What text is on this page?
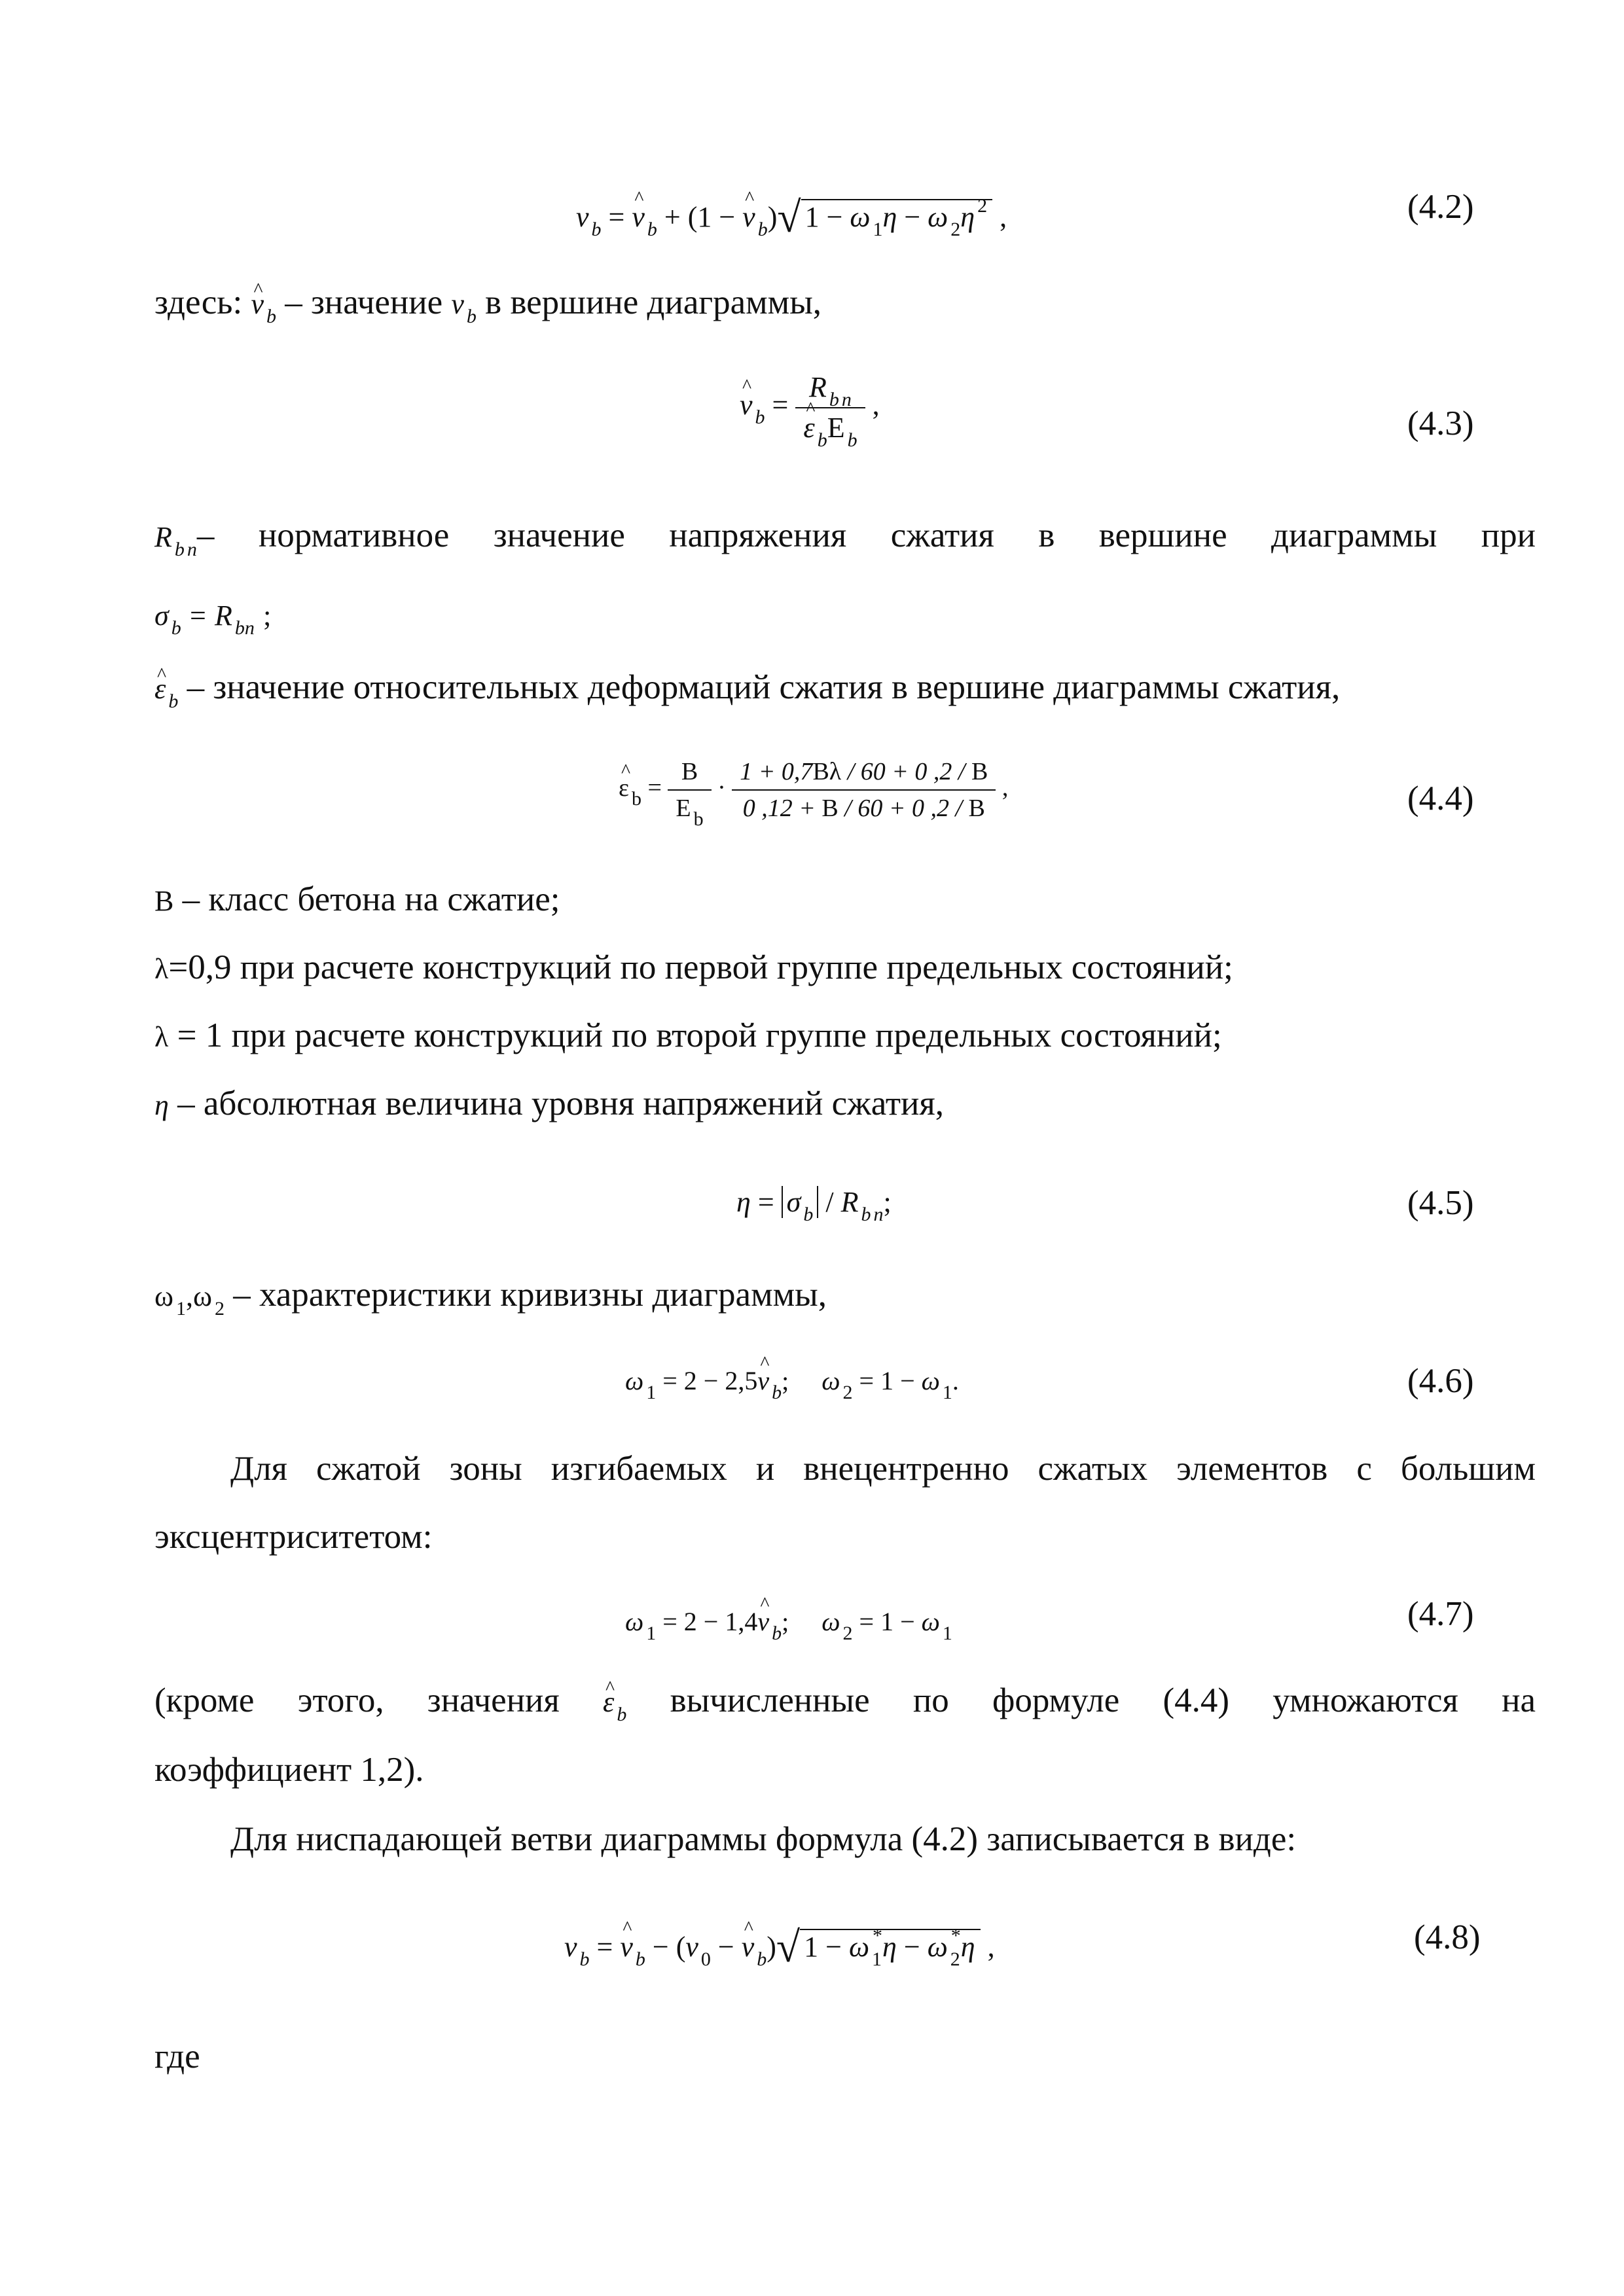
ν $_b$ = ^ ν $_b$ + (1 − ^ ν $_b$)√ 1 − ω $_1$η − ω $_2$η $^2$ ,	(4.2)
здесь: ^ ν $_b$ – значение ν $_b$ в вершине диаграммы,
^ ν $_b$ = R $_b$ $_n$
^ ε $_b$E $_b$ ,	(4.3)
R $_b$ $_n$– нормативное значение напряжения сжатия в вершине диаграммы при
σ $_b$ = R $_{bn}$ ;
^ ε $_b$ – значение относительных деформаций сжатия в вершине диаграммы сжатия,
^ ε $_b = \frac{B}{E _b} \cdot \frac{1 + 0,7B\lambda / 60 + 0 ,2 / B}{0 ,12 + B / 60 + 0 ,2 / B}$ ,	(4.4)
B – класс бетона на сжатие;
λ=0,9 при расчете конструкций по первой группе предельных состояний;
λ = 1 при расчете конструкций по второй группе предельных состояний;
η – абсолютная величина уровня напряжений сжатия,
η = σ $_b$ / R $_b$ $_n$;	(4.5)
ω $_1$,ω $_2$ – характеристики кривизны диаграммы,
ω $_1$ = 2 − 2,5^ ν $_b$; ω $_2$ = 1 − ω $_1$.	(4.6)
Для сжатой зоны изгибаемых и внецентренно сжатых элементов с большим
эксцентриситетом:
ω $_1$ = 2 − 1,4^ ν $_b$; ω $_2$ = 1 − ω $_1$
(4.7)
(кроме этого, значения ^ ε $_b$ вычисленные по формуле (4.4) умножаются на
коэффициент 1,2).
Для ниспадающей ветви диаграммы формула (4.2) записывается в виде:
ν $_b$ = ^ ν $_b$ − (ν $_0$ − ^ ν $_b$)√ 1 − ω $_1$*η − ω $_2$*η ,	(4.8)
где
